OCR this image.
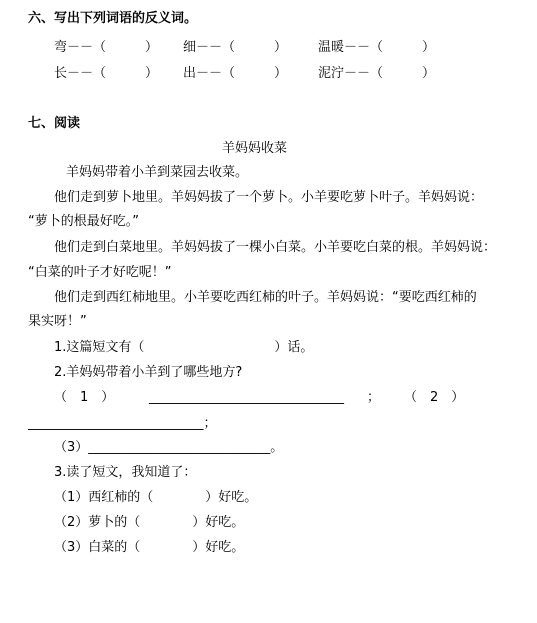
六、写出下列词语的反义词。
弯－－（　　　） 细－－（　　　） 温暖－－（　　　）
长－－（　　　） 出－－（　　　） 泥泞－－（　　　）
七、阅读
羊妈妈收菜
羊妈妈带着小羊到菜园去收菜。
他们走到萝卜地里。羊妈妈拔了一个萝卜。小羊要吃萝卜叶子。羊妈妈说：
“萝卜的根最好吃。”
他们走到白菜地里。羊妈妈拔了一棵小白菜。小羊要吃白菜的根。羊妈妈说：
“白菜的叶子才好吃呢！”
他们走到西红柿地里。小羊要吃西红柿的叶子。羊妈妈说：“要吃西红柿的
果实呀！”
1.这篇短文有（　　　　　　　　　　）话。
2.羊妈妈带着小羊到了哪些地方?
（　1　）	______________________________ ； （　2　）
___________________________；
（3）____________________________。
3.读了短文，我知道了：
（1）西红柿的（　　　　）好吃。
（2）萝卜的（　　　　）好吃。
（3）白菜的（　　　　）好吃。
